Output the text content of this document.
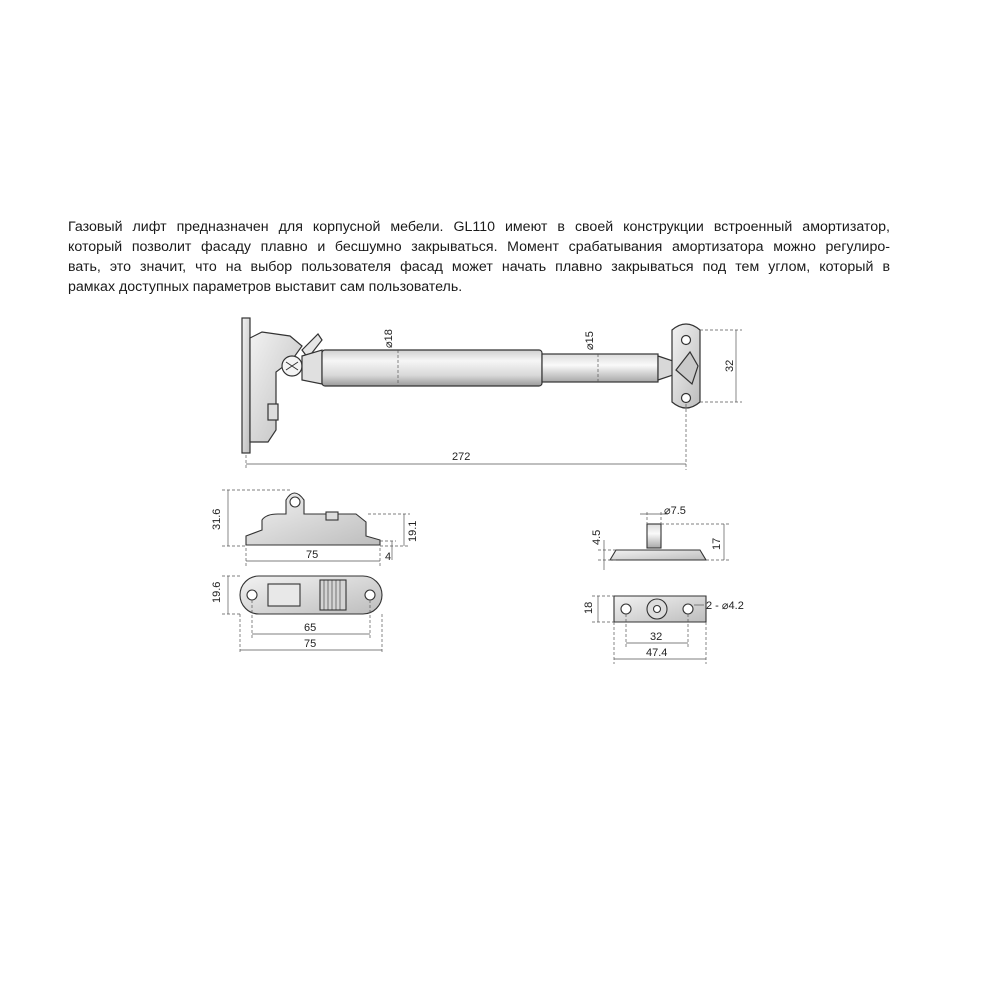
Газовый лифт предназначен для корпусной мебели. GL110 имеют в своей конструкции встроенный амортизатор,
который позволит фасаду плавно и бесшумно закрываться. Момент срабатывания амортизатора можно регулиро-
вать, это значит, что на выбор пользователя фасад может начать плавно закрываться под тем углом, который в
рамках доступных параметров выставит сам пользователь.

⌀18	⌀15
32
272
31.6
19.1
4
75
19.6
65
75
⌀7.5
4.5	17
18	2 - ⌀4.2
32
47.4
